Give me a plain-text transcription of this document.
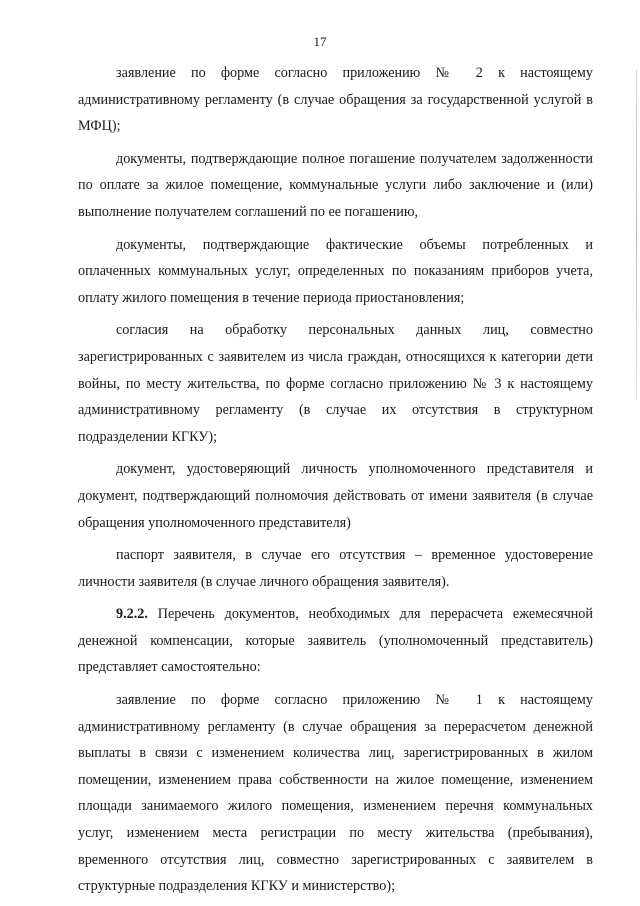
17

заявление по форме согласно приложению № 2 к настоящему административному регламенту (в случае обращения за государственной услугой в МФЦ);

документы, подтверждающие полное погашение получателем задолженности по оплате за жилое помещение, коммунальные услуги либо заключение и (или) выполнение получателем соглашений по ее погашению,

документы, подтверждающие фактические объемы потребленных и оплаченных коммунальных услуг, определенных по показаниям приборов учета, оплату жилого помещения в течение периода приостановления;

согласия на обработку персональных данных лиц, совместно зарегистрированных с заявителем из числа граждан, относящихся к категории дети войны, по месту жительства, по форме согласно приложению № 3 к настоящему административному регламенту (в случае их отсутствия в структурном подразделении КГКУ);

документ, удостоверяющий личность уполномоченного представителя и документ, подтверждающий полномочия действовать от имени заявителя (в случае обращения уполномоченного представителя)

паспорт заявителя, в случае его отсутствия – временное удостоверение личности заявителя (в случае личного обращения заявителя).

9.2.2. Перечень документов, необходимых для перерасчета ежемесячной денежной компенсации, которые заявитель (уполномоченный представитель) представляет самостоятельно:

заявление по форме согласно приложению № 1 к настоящему административному регламенту (в случае обращения за перерасчетом денежной выплаты в связи с изменением количества лиц, зарегистрированных в жилом помещении, изменением права собственности на жилое помещение, изменением площади занимаемого жилого помещения, изменением перечня коммунальных услуг, изменением места регистрации по месту жительства (пребывания), временного отсутствия лиц, совместно зарегистрированных с заявителем в структурные подразделения КГКУ и министерство);
